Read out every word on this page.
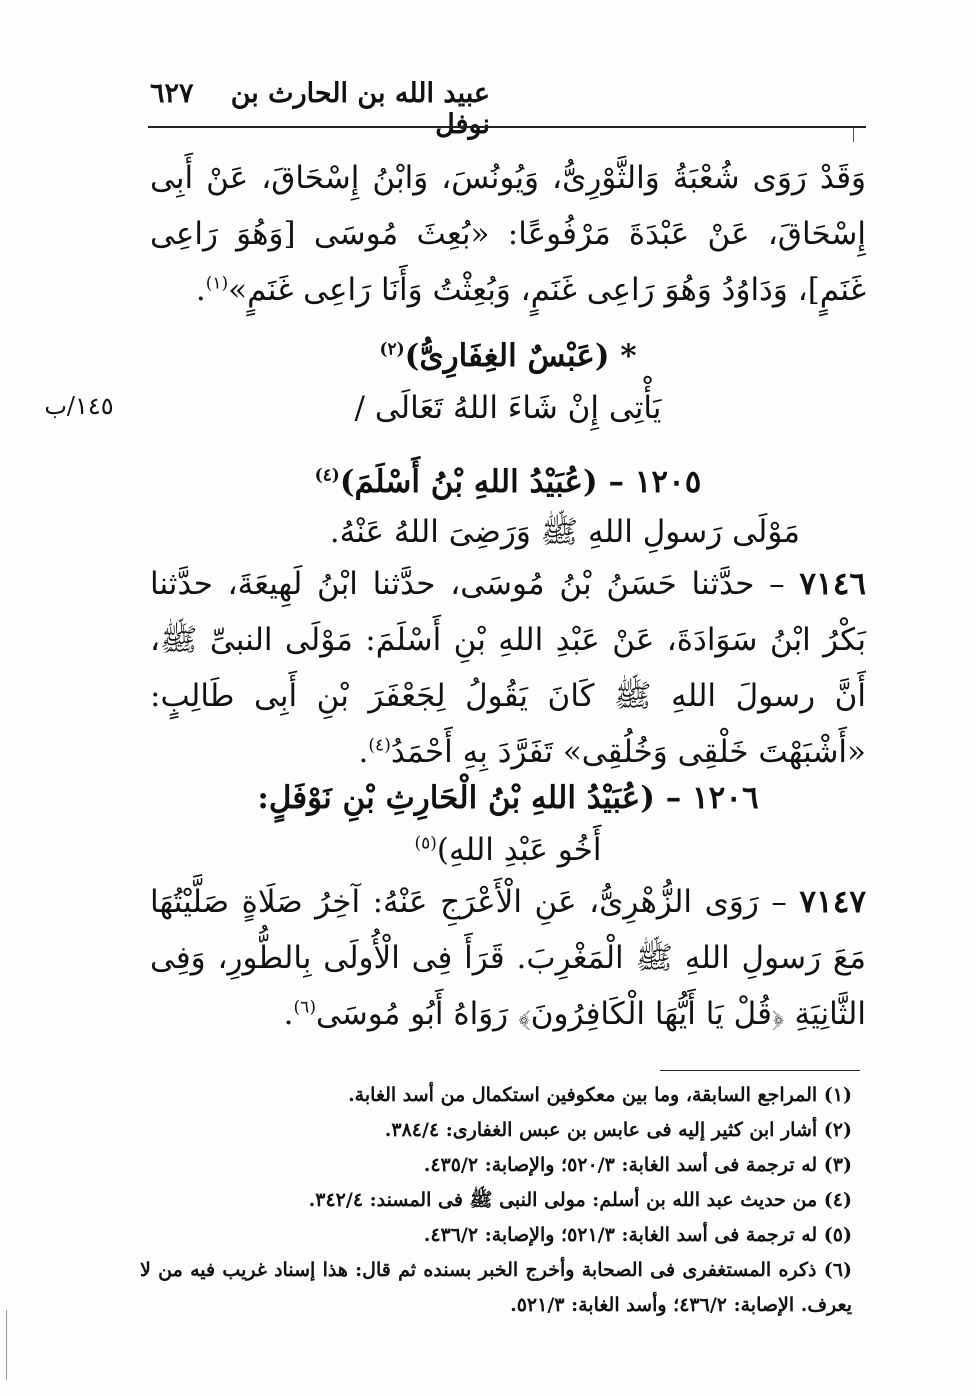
عبيد الله بن الحارث بن نوفل
٦٢٧
١٤٥/ب
وَقَدْ رَوَى شُعْبَةُ وَالثَّوْرِىُّ، وَيُونُسَ، وَابْنُ إِسْحَاقَ، عَنْ أَبِى إِسْحَاقَ، عَنْ عَبْدَةَ مَرْفُوعًا: «بُعِثَ مُوسَى [وَهُوَ رَاعِى غَنَمٍ]، وَدَاوُدُ وَهُوَ رَاعِى غَنَمٍ، وَبُعِثْتُ وَأَنَا رَاعِى غَنَمٍ»$^{(١)}$.
* (عَبْسٌ الغِفَارِىُّ)$^{(٢)}$
يَأْتِى إِنْ شَاءَ اللهُ تَعَالَى /
١٢٠٥ – (عُبَيْدُ اللهِ بْنُ أَسْلَمَ)$^{(٤)}$
مَوْلَى رَسولِ اللهِ ﷺ وَرَضِىَ اللهُ عَنْهُ.
٧١٤٦ – حدَّثنا حَسَنُ بْنُ مُوسَى، حدَّثنا ابْنُ لَهِيعَةَ، حدَّثنا بَكْرُ ابْنُ سَوَادَةَ، عَنْ عَبْدِ اللهِ بْنِ أَسْلَمَ: مَوْلَى النبىِّ ﷺ، أَنَّ رسولَ اللهِ ﷺ كَانَ يَقُولُ لِجَعْفَرَ بْنِ أَبِى طَالِبٍ: «أَشْبَهْتَ خَلْقِى وَخُلُقِى» تَفَرَّدَ بِهِ أَحْمَدُ$^{(٤)}$.
١٢٠٦ – (عُبَيْدُ اللهِ بْنُ الْحَارِثِ بْنِ نَوْفَلٍ:
أَخُو عَبْدِ اللهِ)$^{(٥)}$
٧١٤٧ – رَوَى الزُّهْرِىُّ، عَنِ الْأَعْرَجِ عَنْهُ: آخِرُ صَلَاةٍ صَلَّيْتُهَا مَعَ رَسولِ اللهِ ﷺ الْمَغْرِبَ. قَرَأَ فِى الْأُولَى بِالطُّورِ، وَفِى الثَّانِيَةِ ﴿قُلْ يَا أَيُّهَا الْكَافِرُونَ﴾ رَوَاهُ أَبُو مُوسَى$^{(٦)}$.
(١) المراجع السابقة، وما بين معكوفين استكمال من أسد الغابة.
(٢) أشار ابن كثير إليه فى عابس بن عبس الغفارى: ٣٨٤/٤.
(٣) له ترجمة فى أسد الغابة: ٥٢٠/٣؛ والإصابة: ٤٣٥/٢.
(٤) من حديث عبد الله بن أسلم: مولى النبى ﷺ فى المسند: ٣٤٢/٤.
(٥) له ترجمة فى أسد الغابة: ٥٢١/٣؛ والإصابة: ٤٣٦/٢.
(٦) ذكره المستغفرى فى الصحابة وأخرج الخبر بسنده ثم قال: هذا إسناد غريب فيه من لا يعرف. الإصابة: ٤٣٦/٢؛ وأسد الغابة: ٥٢١/٣.
